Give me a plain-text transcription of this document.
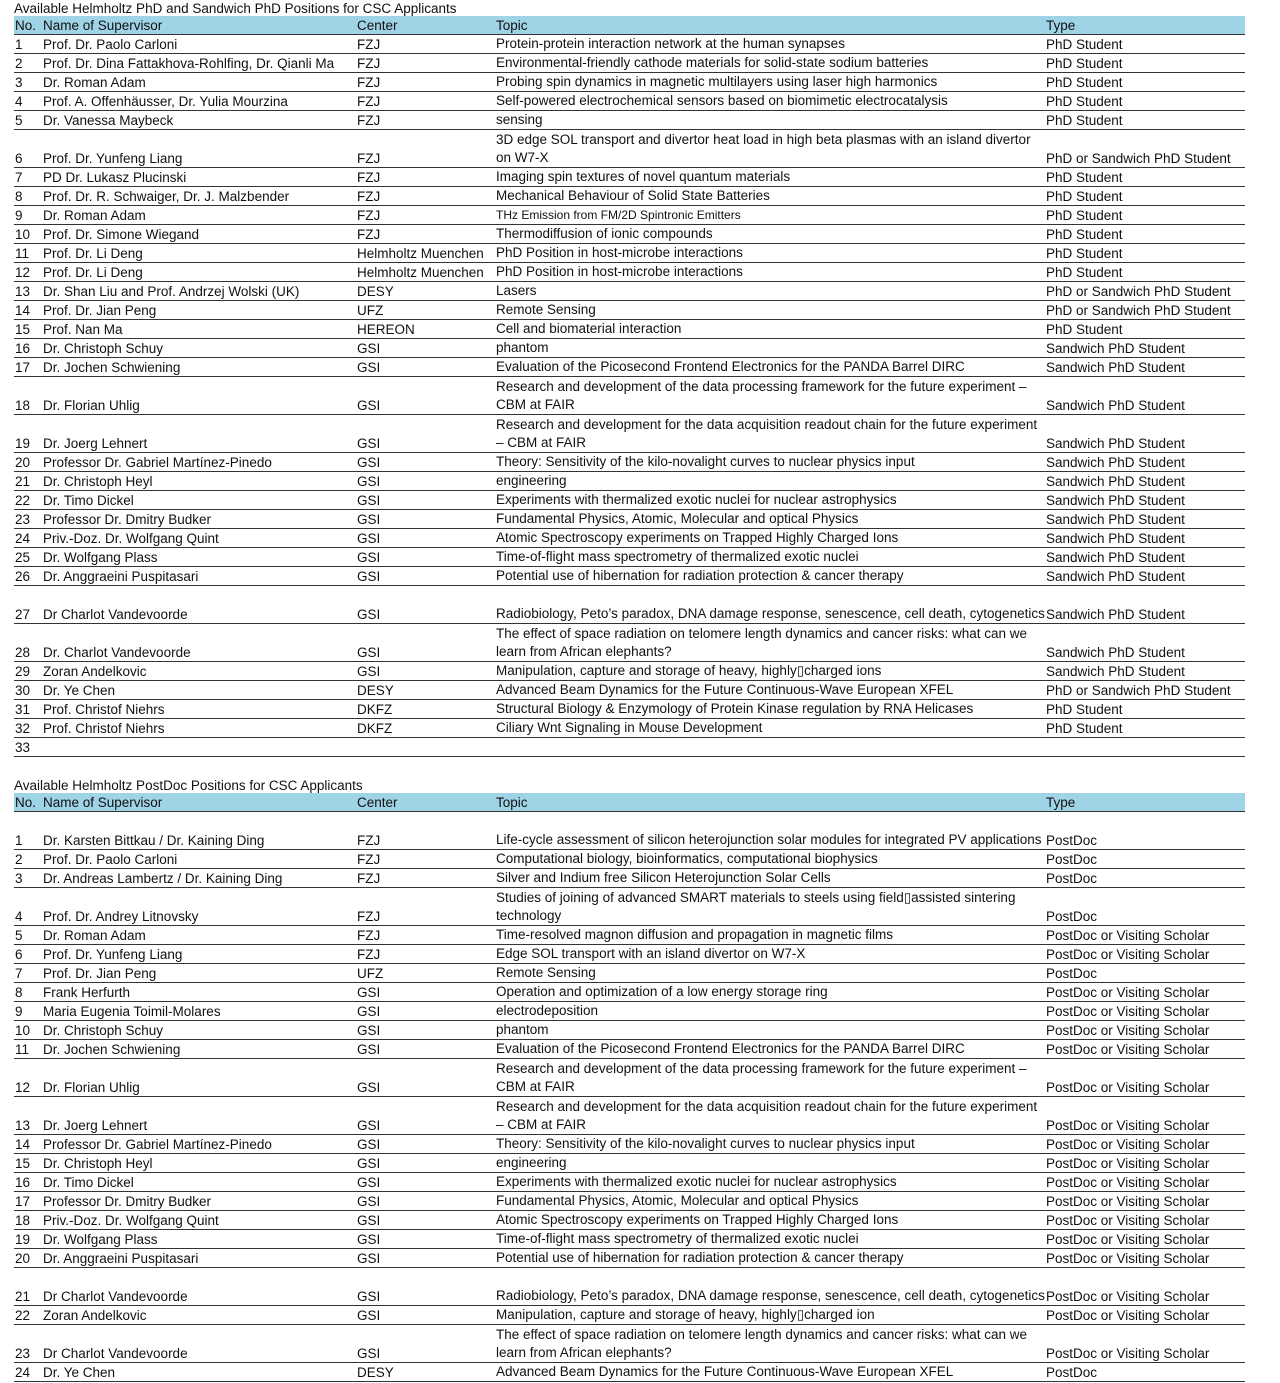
Available Helmholtz PhD and Sandwich PhD Positions for CSC Applicants
No.	Name of Supervisor	Center	Topic	Type
1	Prof. Dr. Paolo Carloni	FZJ	Protein-protein interaction network at the human synapses	PhD Student
2	Prof. Dr. Dina Fattakhova-Rohlfing, Dr. Qianli Ma	FZJ	Environmental-friendly cathode materials for solid-state sodium batteries	PhD Student
3	Dr. Roman Adam	FZJ	Probing spin dynamics in magnetic multilayers using laser high harmonics	PhD Student
4	Prof. A. Offenhäusser, Dr. Yulia Mourzina	FZJ	Self-powered electrochemical sensors based on biomimetic electrocatalysis	PhD Student
5	Dr. Vanessa Maybeck	FZJ	sensing	PhD Student
6	Prof. Dr. Yunfeng Liang	FZJ	3D edge SOL transport and divertor heat load in high beta plasmas with an island divertor on W7-X	PhD or Sandwich PhD Student
7	PD Dr. Lukasz Plucinski	FZJ	Imaging spin textures of novel quantum materials	PhD Student
8	Prof. Dr. R. Schwaiger, Dr. J. Malzbender	FZJ	Mechanical Behaviour of Solid State Batteries	PhD Student
9	Dr. Roman Adam	FZJ	THz Emission from FM/2D Spintronic Emitters	PhD Student
10	Prof. Dr. Simone Wiegand	FZJ	Thermodiffusion of ionic compounds	PhD Student
11	Prof. Dr. Li Deng	Helmholtz Muenchen	PhD Position in host-microbe interactions	PhD Student
12	Prof. Dr. Li Deng	Helmholtz Muenchen	PhD Position in host-microbe interactions	PhD Student
13	Dr. Shan Liu and Prof. Andrzej Wolski (UK)	DESY	Lasers	PhD or Sandwich PhD Student
14	Prof. Dr. Jian Peng	UFZ	Remote Sensing	PhD or Sandwich PhD Student
15	Prof. Nan Ma	HEREON	Cell and biomaterial interaction	PhD Student
16	Dr. Christoph Schuy	GSI	phantom	Sandwich PhD Student
17	Dr. Jochen Schwiening	GSI	Evaluation of the Picosecond Frontend Electronics for the PANDA Barrel DIRC	Sandwich PhD Student
18	Dr. Florian Uhlig	GSI	Research and development of the data processing framework for the future experiment – CBM at FAIR	Sandwich PhD Student
19	Dr. Joerg Lehnert	GSI	Research and development for the data acquisition readout chain for the future experiment – CBM at FAIR	Sandwich PhD Student
20	Professor Dr. Gabriel Martínez-Pinedo	GSI	Theory: Sensitivity of the kilo-novalight curves to nuclear physics input	Sandwich PhD Student
21	Dr. Christoph Heyl	GSI	engineering	Sandwich PhD Student
22	Dr. Timo Dickel	GSI	Experiments with thermalized exotic nuclei for nuclear astrophysics	Sandwich PhD Student
23	Professor Dr. Dmitry Budker	GSI	Fundamental Physics, Atomic, Molecular and optical Physics	Sandwich PhD Student
24	Priv.-Doz. Dr. Wolfgang Quint	GSI	Atomic Spectroscopy experiments on Trapped Highly Charged Ions	Sandwich PhD Student
25	Dr. Wolfgang Plass	GSI	Time-of-flight mass spectrometry of thermalized exotic nuclei	Sandwich PhD Student
26	Dr. Anggraeini Puspitasari	GSI	Potential use of hibernation for radiation protection & cancer therapy	Sandwich PhD Student
27	Dr Charlot Vandevoorde	GSI	Radiobiology, Peto’s paradox, DNA damage response, senescence, cell death, cytogenetics	Sandwich PhD Student
28	Dr. Charlot Vandevoorde	GSI	The effect of space radiation on telomere length dynamics and cancer risks: what can we learn from African elephants?	Sandwich PhD Student
29	Zoran Andelkovic	GSI	Manipulation, capture and storage of heavy, highly▯charged ions	Sandwich PhD Student
30	Dr. Ye Chen	DESY	Advanced Beam Dynamics for the Future Continuous-Wave European XFEL	PhD or Sandwich PhD Student
31	Prof. Christof Niehrs	DKFZ	Structural Biology & Enzymology of Protein Kinase regulation by RNA Helicases	PhD Student
32	Prof. Christof Niehrs	DKFZ	Ciliary Wnt Signaling in Mouse Development	PhD Student
33				
Available Helmholtz PostDoc Positions for CSC Applicants
No.	Name of Supervisor	Center	Topic	Type
1	Dr. Karsten Bittkau / Dr. Kaining Ding	FZJ	Life-cycle assessment of silicon heterojunction solar modules for integrated PV applications	PostDoc
2	Prof. Dr. Paolo Carloni	FZJ	Computational biology, bioinformatics, computational biophysics	PostDoc
3	Dr. Andreas Lambertz / Dr. Kaining Ding	FZJ	Silver and Indium free Silicon Heterojunction Solar Cells	PostDoc
4	Prof. Dr. Andrey Litnovsky	FZJ	Studies of joining of advanced SMART materials to steels using field▯assisted sintering technology	PostDoc
5	Dr. Roman Adam	FZJ	Time-resolved magnon diffusion and propagation in magnetic films	PostDoc or Visiting Scholar
6	Prof. Dr. Yunfeng Liang	FZJ	Edge SOL transport with an island divertor on W7-X	PostDoc or Visiting Scholar
7	Prof. Dr. Jian Peng	UFZ	Remote Sensing	PostDoc
8	Frank Herfurth	GSI	Operation and optimization of a low energy storage ring	PostDoc or Visiting Scholar
9	Maria Eugenia Toimil-Molares	GSI	electrodeposition	PostDoc or Visiting Scholar
10	Dr. Christoph Schuy	GSI	phantom	PostDoc or Visiting Scholar
11	Dr. Jochen Schwiening	GSI	Evaluation of the Picosecond Frontend Electronics for the PANDA Barrel DIRC	PostDoc or Visiting Scholar
12	Dr. Florian Uhlig	GSI	Research and development of the data processing framework for the future experiment – CBM at FAIR	PostDoc or Visiting Scholar
13	Dr. Joerg Lehnert	GSI	Research and development for the data acquisition readout chain for the future experiment – CBM at FAIR	PostDoc or Visiting Scholar
14	Professor Dr. Gabriel Martínez-Pinedo	GSI	Theory: Sensitivity of the kilo-novalight curves to nuclear physics input	PostDoc or Visiting Scholar
15	Dr. Christoph Heyl	GSI	engineering	PostDoc or Visiting Scholar
16	Dr. Timo Dickel	GSI	Experiments with thermalized exotic nuclei for nuclear astrophysics	PostDoc or Visiting Scholar
17	Professor Dr. Dmitry Budker	GSI	Fundamental Physics, Atomic, Molecular and optical Physics	PostDoc or Visiting Scholar
18	Priv.-Doz. Dr. Wolfgang Quint	GSI	Atomic Spectroscopy experiments on Trapped Highly Charged Ions	PostDoc or Visiting Scholar
19	Dr. Wolfgang Plass	GSI	Time-of-flight mass spectrometry of thermalized exotic nuclei	PostDoc or Visiting Scholar
20	Dr. Anggraeini Puspitasari	GSI	Potential use of hibernation for radiation protection & cancer therapy	PostDoc or Visiting Scholar
21	Dr Charlot Vandevoorde	GSI	Radiobiology, Peto’s paradox, DNA damage response, senescence, cell death, cytogenetics	PostDoc or Visiting Scholar
22	Zoran Andelkovic	GSI	Manipulation, capture and storage of heavy, highly▯charged ion	PostDoc or Visiting Scholar
23	Dr Charlot Vandevoorde	GSI	The effect of space radiation on telomere length dynamics and cancer risks: what can we learn from African elephants?	PostDoc or Visiting Scholar
24	Dr. Ye Chen	DESY	Advanced Beam Dynamics for the Future Continuous-Wave European XFEL	PostDoc
